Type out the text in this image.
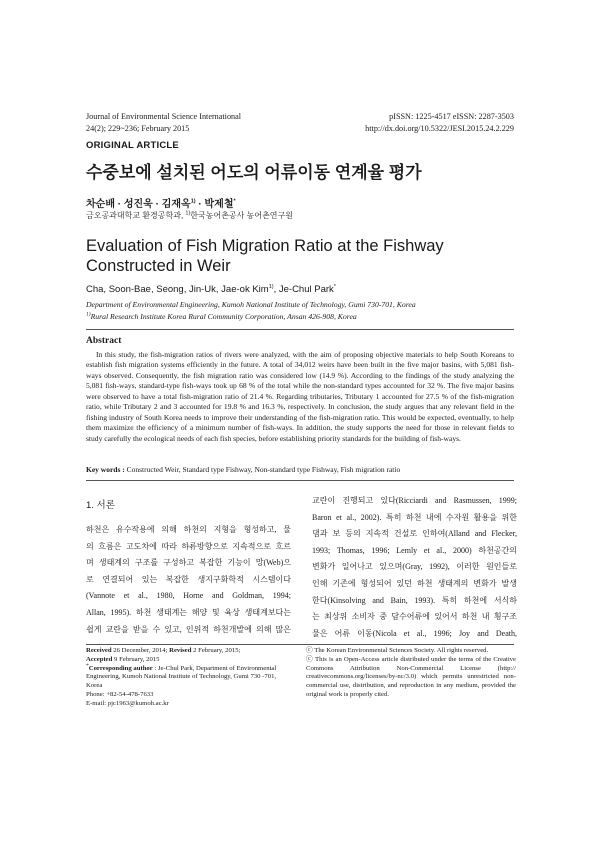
Journal of Environmental Science International
24(2); 229~236; February 2015
pISSN: 1225-4517 eISSN: 2287-3503
http://dx.doi.org/10.5322/JESI.2015.24.2.229
ORIGINAL ARTICLE
수중보에 설치된 어도의 어류이동 연계율 평가
차순배 · 성진욱 · 김재옥$^{1)}$ · 박제철*
금오공과대학교 환경공학과, $^{1)}$한국농어촌공사 농어촌연구원
Evaluation of Fish Migration Ratio at the Fishway Constructed in Weir
Cha, Soon-Bae, Seong, Jin-Uk, Jae-ok Kim$^{1)}$, Je-Chul Park*
Department of Environmental Engineering, Kumoh National Institute of Technology, Gumi 730-701, Korea
$^{1)}$Rural Research Institute Korea Rural Community Corporation, Ansan 426-908, Korea
Abstract
In this study, the fish-migration ratios of rivers were analyzed, with the aim of proposing objective materials to help South Koreans to establish fish migration systems efficiently in the future. A total of 34,012 weirs have been built in the five major basins, with 5,081 fish-ways observed. Consequently, the fish migration ratio was considered low (14.9 %). According to the findings of the study analyzing the 5,081 fish-ways, standard-type fish-ways took up 68 % of the total while the non-standard types accounted for 32 %. The five major basins were observed to have a total fish-migration ratio of 21.4 %. Regarding tributaries, Tributary 1 accounted for 27.5 % of the fish-migration ratio, while Tributary 2 and 3 accounted for 19.8 % and 16.3 %, respectively. In conclusion, the study argues that any relevant field in the fishing industry of South Korea needs to improve their understanding of the fish-migration ratio. This would be expected, eventually, to help them maximize the efficiency of a minimum number of fish-ways. In addition, the study supports the need for those in relevant fields to study carefully the ecological needs of each fish species, before establishing priority standards for the building of fish-ways.
Key words : Constructed Weir, Standard type Fishway, Non-standard type Fishway, Fish migration ratio
1. 서론
하천은 유수작용에 의해 하천의 지형을 형성하고, 물
의 흐름은 고도차에 따라 하류방향으로 지속적으로 흐르
며 생태계의 구조를 구성하고 복잡한 기능이 망(Web)으
로 연결되어 있는 복잡한 생지구화학적 시스템이다
(Vannote et al., 1980, Horne and Goldman, 1994;
Allan, 1995). 하천 생태계는 해양 및 육상 생태계보다는
쉽게 교란을 받을 수 있고, 인위적 하천개발에 의해 많은
교란이 진행되고 있다(Ricciardi and Rasmussen, 1999;
Baron et al., 2002). 특히 하천 내에 수자원 활용을 위한
댐과 보 등의 지속적 건설로 인하여(Alland and Flecker,
1993; Thomas, 1996; Lemly et al., 2000) 하천공간의
변화가 일어나고 있으며(Gray, 1992), 이러한 원인들로
인해 기존에 형성되어 있던 하천 생태계의 변화가 발생
한다(Kinsolving and Bain, 1993). 특히 하천에 서식하
는 최상위 소비자 중 담수어류에 있어서 하천 내 횡구조
물은 어류 이동(Nicola et al., 1996; Joy and Death,
Received 26 December, 2014; Revised 2 February, 2015;
Accepted 9 February, 2015
*Corresponding author : Je-Chul Park, Department of Environmental Engineering, Kumoh National Institute of Technology, Gumi 730 -701, Korea
Phone: +82-54-478-7633
E-mail: pjc1963@kumoh.ac.kr
ⓒ The Korean Environmental Sciences Society. All rights reserved.
ⓒ This is an Open-Access article distributed under the terms of the Creative Commons Attribution Non-Commercial License (http:// creativecommons.org/licenses/by-nc/3.0) which permits unrestricted non-commercial use, distribution, and reproduction in any medium, provided the original work is properly cited.
